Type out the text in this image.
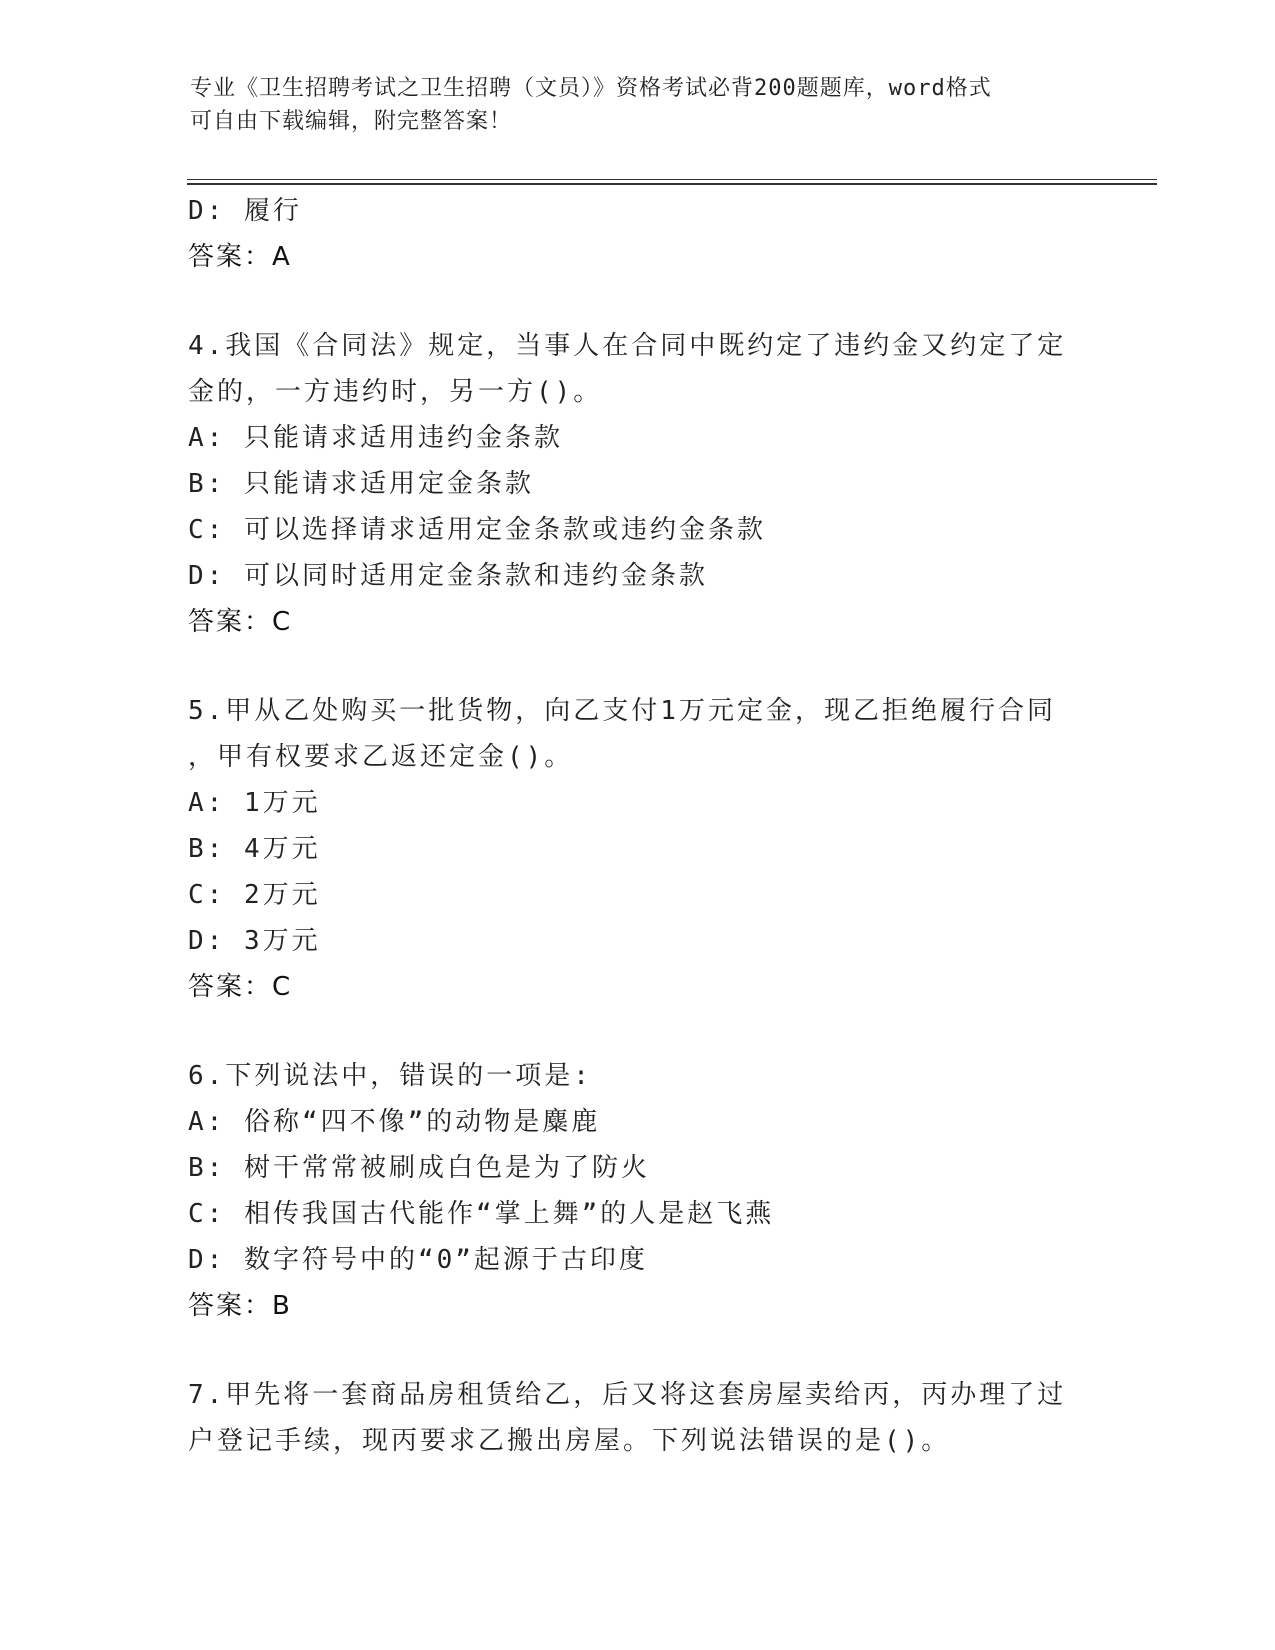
专业《卫生招聘考试之卫生招聘（文员）》资格考试必背200题题库，word格式
可自由下载编辑，附完整答案！
D: 履行
答案：A
4.我国《合同法》规定，当事人在合同中既约定了违约金又约定了定
金的，一方违约时，另一方()。
A: 只能请求适用违约金条款
B: 只能请求适用定金条款
C: 可以选择请求适用定金条款或违约金条款
D: 可以同时适用定金条款和违约金条款
答案：C
5.甲从乙处购买一批货物，向乙支付1万元定金，现乙拒绝履行合同
，甲有权要求乙返还定金()。
A: 1万元
B: 4万元
C: 2万元
D: 3万元
答案：C
6.下列说法中，错误的一项是:
A: 俗称“四不像”的动物是麋鹿
B: 树干常常被刷成白色是为了防火
C: 相传我国古代能作“掌上舞”的人是赵飞燕
D: 数字符号中的“0”起源于古印度
答案：B
7.甲先将一套商品房租赁给乙，后又将这套房屋卖给丙，丙办理了过
户登记手续，现丙要求乙搬出房屋。下列说法错误的是()。
